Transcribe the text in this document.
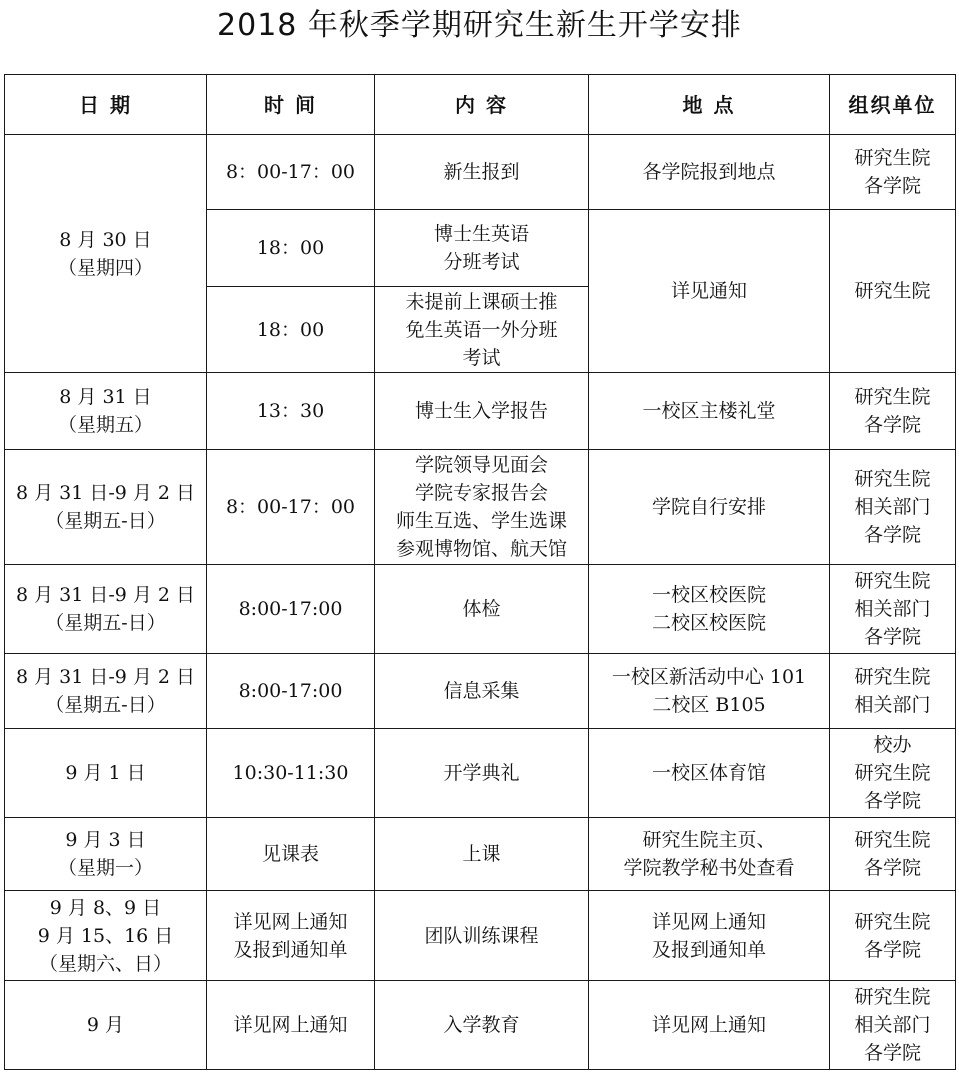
2018 年秋季学期研究生新生开学安排
日 期	时 间	内 容	地 点	组织单位
8 月 30 日
（星期四）	8：00-17：00	新生报到	各学院报到地点	研究生院
各学院
	18：00	博士生英语
分班考试	详见通知	研究生院
	18：00	未提前上课硕士推
免生英语一外分班
考试		
8 月 31 日
（星期五）	13：30	博士生入学报告	一校区主楼礼堂	研究生院
各学院
8 月 31 日-9 月 2 日
（星期五-日）	8：00-17：00	学院领导见面会
学院专家报告会
师生互选、学生选课
参观博物馆、航天馆	学院自行安排	研究生院
相关部门
各学院
8 月 31 日-9 月 2 日
（星期五-日）	8:00-17:00	体检	一校区校医院
二校区校医院	研究生院
相关部门
各学院
8 月 31 日-9 月 2 日
（星期五-日）	8:00-17:00	信息采集	一校区新活动中心 101
二校区 B105	研究生院
相关部门
9 月 1 日	10:30-11:30	开学典礼	一校区体育馆	校办
研究生院
各学院
9 月 3 日
（星期一）	见课表	上课	研究生院主页、
学院教学秘书处查看	研究生院
各学院
9 月 8、9 日
9 月 15、16 日
（星期六、日）	详见网上通知
及报到通知单	团队训练课程	详见网上通知
及报到通知单	研究生院
各学院
9 月	详见网上通知	入学教育	详见网上通知	研究生院
相关部门
各学院
